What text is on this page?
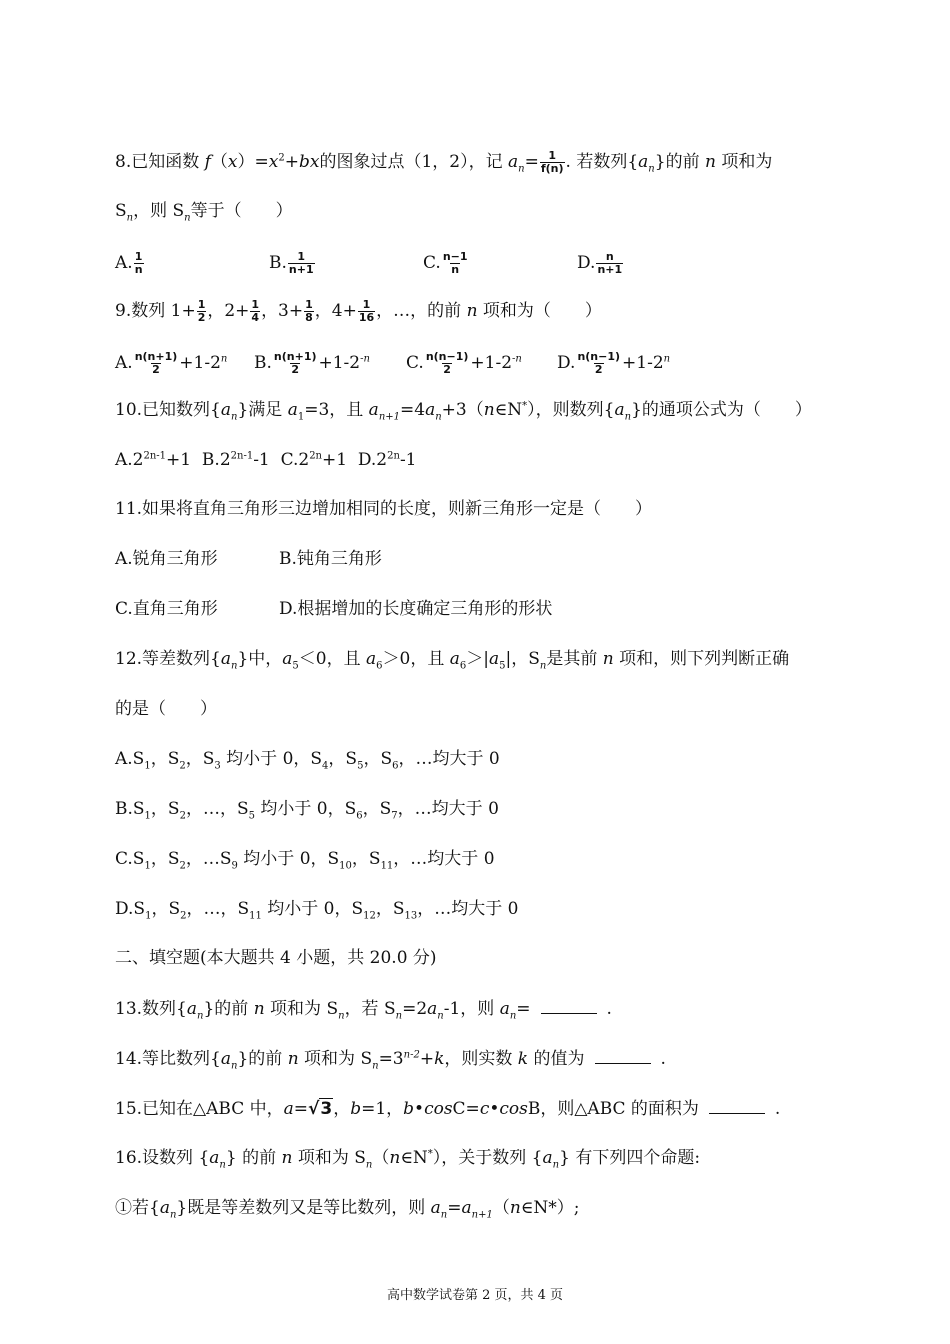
8.已知函数 $f(x)=x^2+bx$的图象过点（1，2），记 $a_n= \frac{1}{f(n)}$ . 若数列$\{a_n\}$的前 n 项和为
$S_n$，则 $S_n$等于（　　）
A. $\frac{1}{n}$	B. $\frac{1}{n+1}$	C. $\frac{n-1}{n}$	D. $\frac{n}{n+1}$
9.数列 $1+ \frac{1}{2}$ ，$2+ \frac{1}{4}$ ，$3+ \frac{1}{8}$ ，$4+ \frac{1}{16}$ ，…，的前 n 项和为（　　）
A. $\frac{n(n+1)}{2} +1-2^n$	B. $\frac{n(n+1)}{2} +1-2^{-n}$	C. $\frac{n(n-1)}{2} +1-2^{-n}$	D. $\frac{n(n-1)}{2} +1-2^n$
10.已知数列$\{a_n\}$满足 $a_1=3$，且 $a_{n+1}=4a_n+3(n\in N^*)$，则数列$\{a_n\}$的通项公式为（　　）
$A.2^{2n-1}+1$ $B.2^{2n-1}-1$ $C.2^{2n}+1$ $D.2^{2n}-1$
11.如果将直角三角形三边增加相同的长度，则新三角形一定是（　　）
A.锐角三角形	B.钝角三角形
C.直角三角形	D.根据增加的长度确定三角形的形状
12.等差数列$\{a_n\}$中，$a_5<0$，且 $a_6>0$，且 $a_6>|a_5|$，$S_n$是其前 n 项和，则下列判断正确
的是（　　）
$A.S_1$，$S_2$，$S_3$ 均小于 0，$S_4$，$S_5$，$S_6$，…均大于 0
$B.S_1$，$S_2$，…，$S_5$ 均小于 0，$S_6$，$S_7$，…均大于 0
$C.S_1$，$S_2$，$\dots S_9$ 均小于 0，$S_{10}$，$S_{11}$，…均大于 0
$D.S_1$，$S_2$，…，$S_{11}$ 均小于 0，$S_{12}$，$S_{13}$，…均大于 0
二、填空题(本大题共 4 小题，共 20.0 分)
13.数列$\{a_n\}$的前 n 项和为 $S_n$，若 $S_n=2a_n-1$，则 $a_n=$	.
14.等比数列$\{a_n\}$的前 n 项和为 $S_n=3^{n-2}+k$，则实数 k 的值为	.
15.已知在△ABC 中，a=√3，b=1，b•cosC=c•cosB，则△ABC 的面积为	.
16.设数列 $\{a_n\}$ 的前 n 项和为 $S_n(n\in N^*)$，关于数列 $\{a_n\}$ 有下列四个命题:
①若$\{a_n\}$既是等差数列又是等比数列，则 $a_n=a_{n+1}(n\in N*)$;
高中数学试卷第 2 页，共 4 页
